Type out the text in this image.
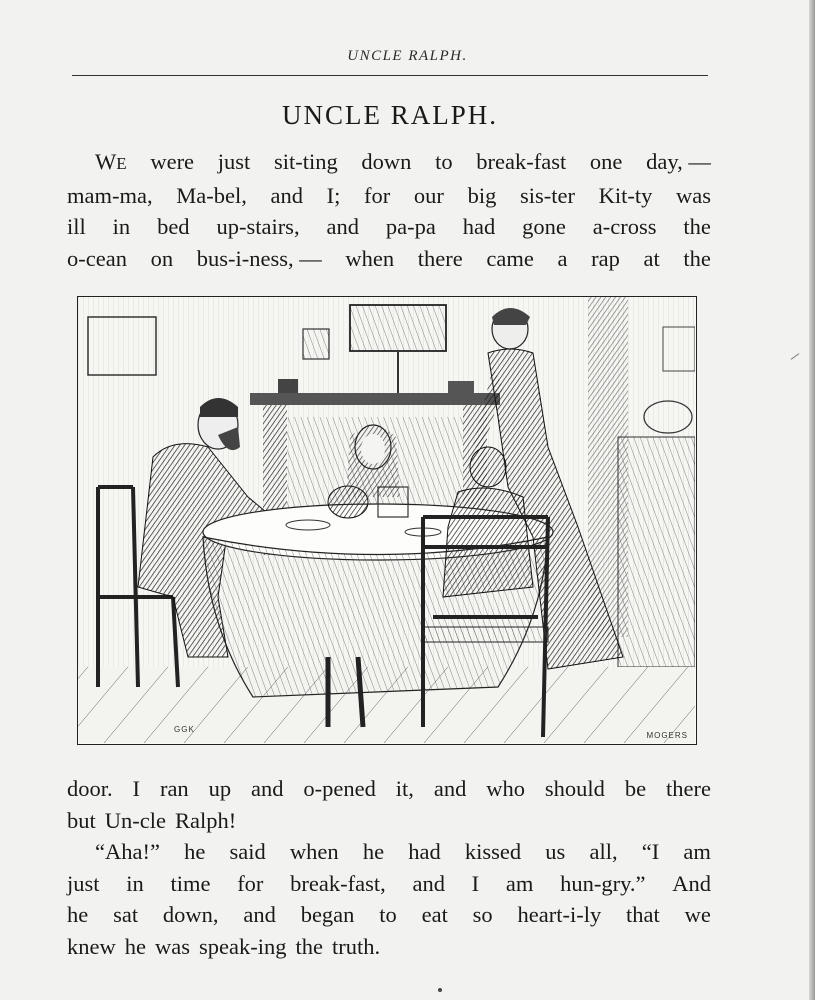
UNCLE RALPH.
UNCLE RALPH.
WE were just sit-ting down to break-fast one day, —
mam-ma, Ma-bel, and I; for our big sis-ter Kit-ty was
ill in bed up-stairs, and pa-pa had gone a-cross the
o-cean on bus-i-ness, — when there came a rap at the
GGK
MOGERS
door. I ran up and o-pened it, and who should be there
but Un-cle Ralph!
“Aha!” he said when he had kissed us all, “I am
just in time for break-fast, and I am hun-gry.” And
he sat down, and began to eat so heart-i-ly that we
knew he was speak-ing the truth.
